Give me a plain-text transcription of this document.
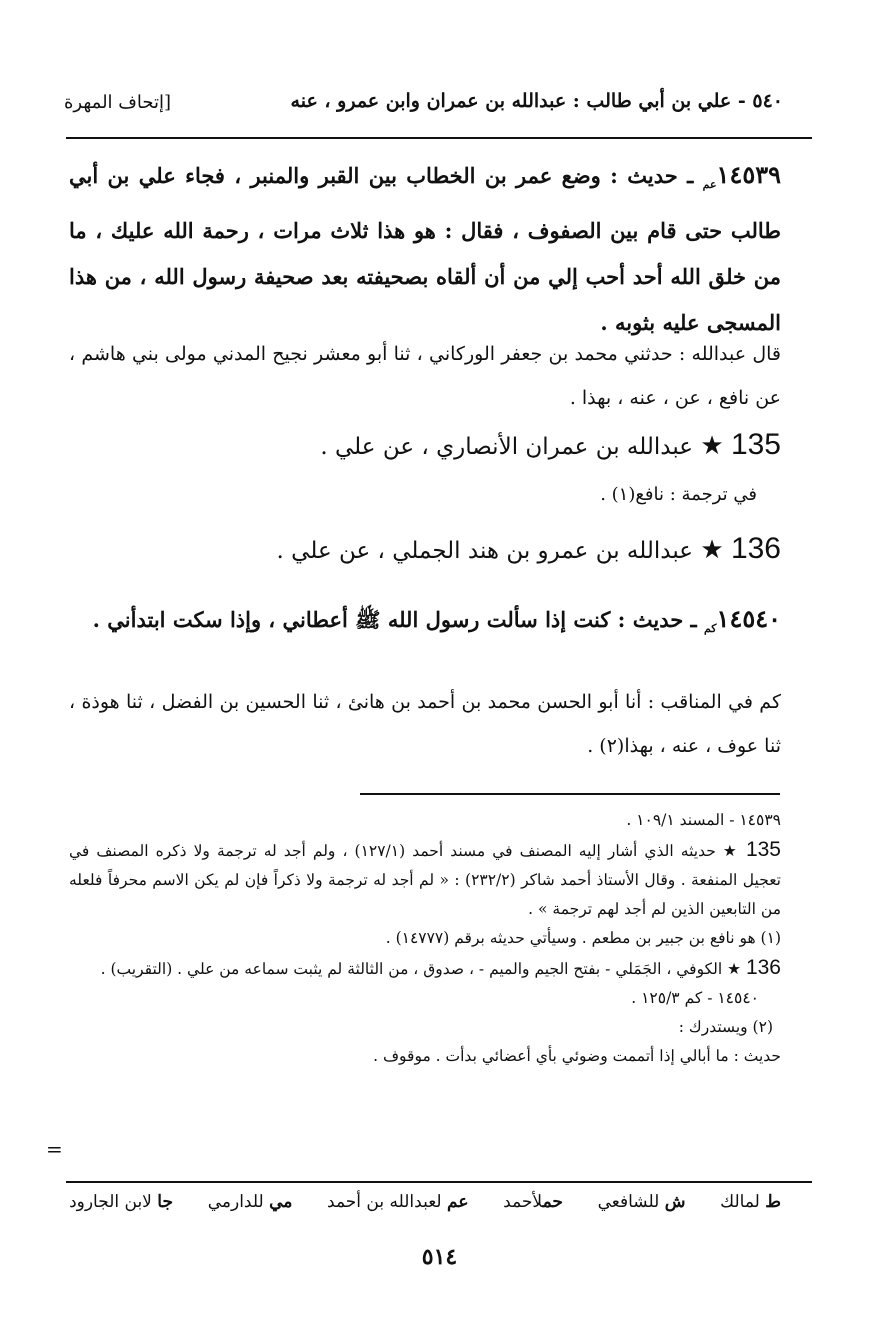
[إتحاف المهرة	٥٤٠ - علي بن أبي طالب : عبدالله بن عمران وابن عمرو ، عنه
$١٤٥٣٩_{عم}$ ـ حديث : وضع عمر بن الخطاب بين القبر والمنبر ، فجاء علي بن أبي طالب حتى قام بين الصفوف ، فقال : هو هذا ثلاث مرات ، رحمة الله عليك ، ما من خلق الله أحد أحب إلي من أن ألقاه بصحيفته بعد صحيفة رسول الله ، من هذا المسجى عليه بثوبه .
قال عبدالله : حدثني محمد بن جعفر الوركاني ، ثنا أبو معشر نجيح المدني مولى بني هاشم ، عن نافع ، عن ، عنه ، بهذا .
135 ★ عبدالله بن عمران الأنصاري ، عن علي .
في ترجمة : نافع(١) .
136 ★ عبدالله بن عمرو بن هند الجملي ، عن علي .
$١٤٥٤٠_{كم}$ ـ حديث : كنت إذا سألت رسول الله ﷺ أعطاني ، وإذا سكت ابتدأني .
كم في المناقب : أنا أبو الحسن محمد بن أحمد بن هانئ ، ثنا الحسين بن الفضل ، ثنا هوذة ، ثنا عوف ، عنه ، بهذا(٢) .
١٤٥٣٩ - المسند ١٠٩/١ .
135 ★ حديثه الذي أشار إليه المصنف في مسند أحمد (١٢٧/١) ، ولم أجد له ترجمة ولا ذكره المصنف في تعجيل المنفعة . وقال الأستاذ أحمد شاكر (٢٣٢/٢) : « لم أجد له ترجمة ولا ذكراً فإن لم يكن الاسم محرفاً فلعله من التابعين الذين لم أجد لهم ترجمة » .
(١) هو نافع بن جبير بن مطعم . وسيأتي حديثه برقم (١٤٧٧٧) .
136 ★ الكوفي ، الجَمَلي - بفتح الجيم والميم - ، صدوق ، من الثالثة لم يثبت سماعه من علي . (التقريب) .
١٤٥٤٠ - كم ١٢٥/٣ .
(٢) ويستدرك :
حديث : ما أبالي إذا أتممت وضوئي بأي أعضائي بدأت . موقوف .
=
ط لمالك
ش للشافعي
حملأحمد
عم لعبدالله بن أحمد
مي للدارمي
جا لابن الجارود
٥١٤
